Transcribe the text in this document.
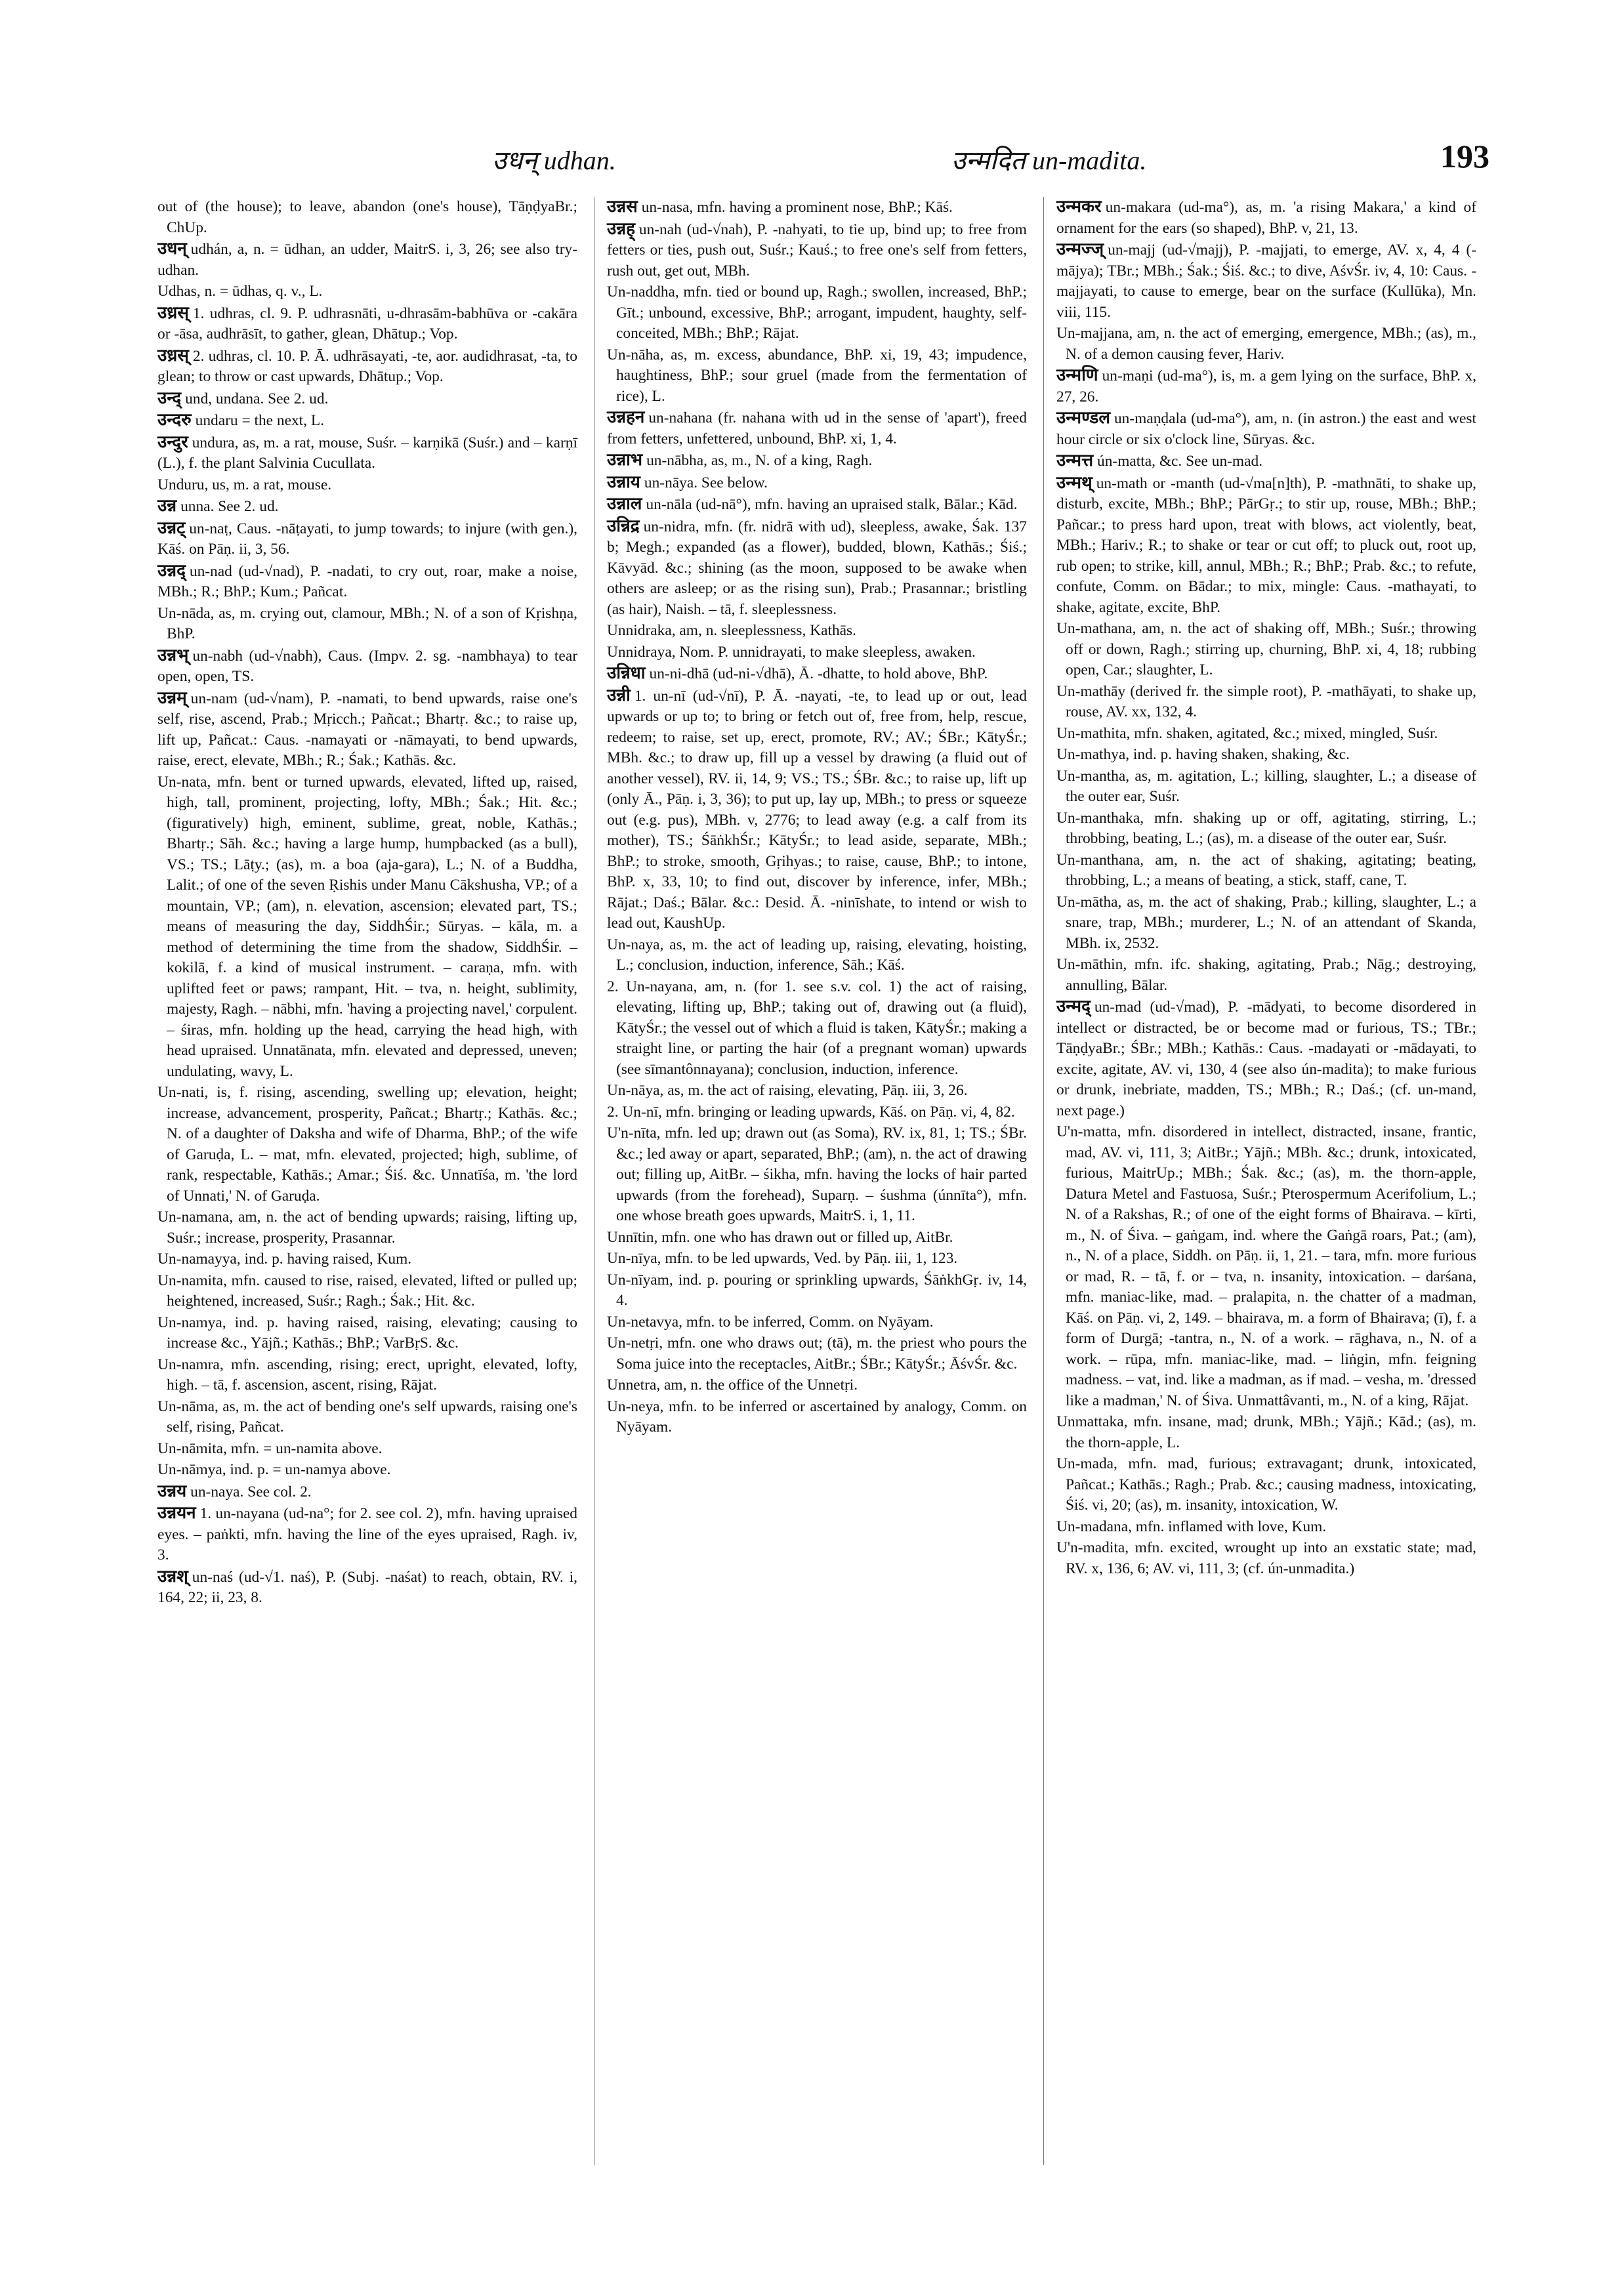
उधन् udhan.	उन्मदित un-madita.	193
out of (the house); to leave, abandon (one's house), TāṇḍyaBr.; ChUp.
उधन् udhán, a, n. = ūdhan, an udder, MaitrS. i, 3, 26; see also try-udhan.
Udhas, n. = ūdhas, q. v., L.
उध्रस् 1. udhras, cl. 9. P. udhrasnāti, u-dhrasām-babhūva or -cakāra or -āsa, audhrāsīt, to gather, glean, Dhātup.; Vop.
उध्रस् 2. udhras, cl. 10. P. Ā. udhrāsayati, -te, aor. audidhrasat, -ta, to glean; to throw or cast upwards, Dhātup.; Vop.
उन्द् und, undana. See 2. ud.
उन्दरु undaru = the next, L.
उन्दुर undura, as, m. a rat, mouse, Suśr. – karṇikā (Suśr.) and – karṇī (L.), f. the plant Salvinia Cucullata.
Unduru, us, m. a rat, mouse.
उन्न unna. See 2. ud.
उन्नट् un-naṭ, Caus. -nāṭayati, to jump towards; to injure (with gen.), Kāś. on Pāṇ. ii, 3, 56.
उन्नद् un-nad (ud-√nad), P. -nadati, to cry out, roar, make a noise, MBh.; R.; BhP.; Kum.; Pañcat.
Un-nāda, as, m. crying out, clamour, MBh.; N. of a son of Kṛishṇa, BhP.
उन्नभ् un-nabh (ud-√nabh), Caus. (Impv. 2. sg. -nambhaya) to tear open, open, TS.
उन्नम् un-nam (ud-√nam), P. -namati, to bend upwards, raise one's self, rise, ascend, Prab.; Mṛicch.; Pañcat.; Bhartṛ. &c.; to raise up, lift up, Pañcat.: Caus. -namayati or -nāmayati, to bend upwards, raise, erect, elevate, MBh.; R.; Śak.; Kathās. &c.
Un-nata, mfn. bent or turned upwards, elevated, lifted up, raised, high, tall, prominent, projecting, lofty, MBh.; Śak.; Hit. &c.; (figuratively) high, eminent, sublime, great, noble, Kathās.; Bhartṛ.; Sāh. &c.; having a large hump, humpbacked (as a bull), VS.; TS.; Lāṭy.; (as), m. a boa (aja-gara), L.; N. of a Buddha, Lalit.; of one of the seven Ṛishis under Manu Cākshusha, VP.; of a mountain, VP.; (am), n. elevation, ascension; elevated part, TS.; means of measuring the day, SiddhŚir.; Sūryas. – kāla, m. a method of determining the time from the shadow, SiddhŚir. – kokilā, f. a kind of musical instrument. – caraṇa, mfn. with uplifted feet or paws; rampant, Hit. – tva, n. height, sublimity, majesty, Ragh. – nābhi, mfn. 'having a projecting navel,' corpulent. – śiras, mfn. holding up the head, carrying the head high, with head upraised. Unnatānata, mfn. elevated and depressed, uneven; undulating, wavy, L.
Un-nati, is, f. rising, ascending, swelling up; elevation, height; increase, advancement, prosperity, Pañcat.; Bhartṛ.; Kathās. &c.; N. of a daughter of Daksha and wife of Dharma, BhP.; of the wife of Garuḍa, L. – mat, mfn. elevated, projected; high, sublime, of rank, respectable, Kathās.; Amar.; Śiś. &c. Unnatīśa, m. 'the lord of Unnati,' N. of Garuḍa.
Un-namana, am, n. the act of bending upwards; raising, lifting up, Suśr.; increase, prosperity, Prasannar.
Un-namayya, ind. p. having raised, Kum.
Un-namita, mfn. caused to rise, raised, elevated, lifted or pulled up; heightened, increased, Suśr.; Ragh.; Śak.; Hit. &c.
Un-namya, ind. p. having raised, raising, elevating; causing to increase &c., Yājñ.; Kathās.; BhP.; VarBṛS. &c.
Un-namra, mfn. ascending, rising; erect, upright, elevated, lofty, high. – tā, f. ascension, ascent, rising, Rājat.
Un-nāma, as, m. the act of bending one's self upwards, raising one's self, rising, Pañcat.
Un-nāmita, mfn. = un-namita above.
Un-nāmya, ind. p. = un-namya above.
उन्नय un-naya. See col. 2.
उन्नयन 1. un-nayana (ud-na°; for 2. see col. 2), mfn. having upraised eyes. – paṅkti, mfn. having the line of the eyes upraised, Ragh. iv, 3.
उन्नश् un-naś (ud-√1. naś), P. (Subj. -naśat) to reach, obtain, RV. i, 164, 22; ii, 23, 8.
उन्नस un-nasa, mfn. having a prominent nose, BhP.; Kāś.
उन्नह् un-nah (ud-√nah), P. -nahyati, to tie up, bind up; to free from fetters or ties, push out, Suśr.; Kauś.; to free one's self from fetters, rush out, get out, MBh.
Un-naddha, mfn. tied or bound up, Ragh.; swollen, increased, BhP.; Gīt.; unbound, excessive, BhP.; arrogant, impudent, haughty, self-conceited, MBh.; BhP.; Rājat.
Un-nāha, as, m. excess, abundance, BhP. xi, 19, 43; impudence, haughtiness, BhP.; sour gruel (made from the fermentation of rice), L.
उन्नहन un-nahana (fr. nahana with ud in the sense of 'apart'), freed from fetters, unfettered, unbound, BhP. xi, 1, 4.
उन्नाभ un-nābha, as, m., N. of a king, Ragh.
उन्नाय un-nāya. See below.
उन्नाल un-nāla (ud-nā°), mfn. having an upraised stalk, Bālar.; Kād.
उन्निद्र un-nidra, mfn. (fr. nidrā with ud), sleepless, awake, Śak. 137 b; Megh.; expanded (as a flower), budded, blown, Kathās.; Śiś.; Kāvyād. &c.; shining (as the moon, supposed to be awake when others are asleep; or as the rising sun), Prab.; Prasannar.; bristling (as hair), Naish. – tā, f. sleeplessness.
Unnidraka, am, n. sleeplessness, Kathās.
Unnidraya, Nom. P. unnidrayati, to make sleepless, awaken.
उन्निधा un-ni-dhā (ud-ni-√dhā), Ā. -dhatte, to hold above, BhP.
उन्नी 1. un-nī (ud-√nī), P. Ā. -nayati, -te, to lead up or out, lead upwards or up to; to bring or fetch out of, free from, help, rescue, redeem; to raise, set up, erect, promote, RV.; AV.; ŚBr.; KātyŚr.; MBh. &c.; to draw up, fill up a vessel by drawing (a fluid out of another vessel), RV. ii, 14, 9; VS.; TS.; ŚBr. &c.; to raise up, lift up (only Ā., Pāṇ. i, 3, 36); to put up, lay up, MBh.; to press or squeeze out (e.g. pus), MBh. v, 2776; to lead away (e.g. a calf from its mother), TS.; ŚāṅkhŚr.; KātyŚr.; to lead aside, separate, MBh.; BhP.; to stroke, smooth, Gṛihyas.; to raise, cause, BhP.; to intone, BhP. x, 33, 10; to find out, discover by inference, infer, MBh.; Rājat.; Daś.; Bālar. &c.: Desid. Ā. -ninīshate, to intend or wish to lead out, KaushUp.
Un-naya, as, m. the act of leading up, raising, elevating, hoisting, L.; conclusion, induction, inference, Sāh.; Kāś.
2. Un-nayana, am, n. (for 1. see s.v. col. 1) the act of raising, elevating, lifting up, BhP.; taking out of, drawing out (a fluid), KātyŚr.; the vessel out of which a fluid is taken, KātyŚr.; making a straight line, or parting the hair (of a pregnant woman) upwards (see sīmantônnayana); conclusion, induction, inference.
Un-nāya, as, m. the act of raising, elevating, Pāṇ. iii, 3, 26.
2. Un-nī, mfn. bringing or leading upwards, Kāś. on Pāṇ. vi, 4, 82.
U'n-nīta, mfn. led up; drawn out (as Soma), RV. ix, 81, 1; TS.; ŚBr. &c.; led away or apart, separated, BhP.; (am), n. the act of drawing out; filling up, AitBr. – śikha, mfn. having the locks of hair parted upwards (from the forehead), Suparṇ. – śushma (únnīta°), mfn. one whose breath goes upwards, MaitrS. i, 1, 11.
Unnītin, mfn. one who has drawn out or filled up, AitBr.
Un-nīya, mfn. to be led upwards, Ved. by Pāṇ. iii, 1, 123.
Un-nīyam, ind. p. pouring or sprinkling upwards, ŚāṅkhGṛ. iv, 14, 4.
Un-netavya, mfn. to be inferred, Comm. on Nyāyam.
Un-netṛi, mfn. one who draws out; (tā), m. the priest who pours the Soma juice into the receptacles, AitBr.; ŚBr.; KātyŚr.; ĀśvŚr. &c.
Unnetra, am, n. the office of the Unnetṛi.
Un-neya, mfn. to be inferred or ascertained by analogy, Comm. on Nyāyam.
उन्मकर un-makara (ud-ma°), as, m. 'a rising Makara,' a kind of ornament for the ears (so shaped), BhP. v, 21, 13.
उन्मज्ज् un-majj (ud-√majj), P. -majjati, to emerge, AV. x, 4, 4 (-mājya); TBr.; MBh.; Śak.; Śiś. &c.; to dive, AśvŚr. iv, 4, 10: Caus. -majjayati, to cause to emerge, bear on the surface (Kullūka), Mn. viii, 115.
Un-majjana, am, n. the act of emerging, emergence, MBh.; (as), m., N. of a demon causing fever, Hariv.
उन्मणि un-maṇi (ud-ma°), is, m. a gem lying on the surface, BhP. x, 27, 26.
उन्मण्डल un-maṇḍala (ud-ma°), am, n. (in astron.) the east and west hour circle or six o'clock line, Sūryas. &c.
उन्मत्त ún-matta, &c. See un-mad.
उन्मथ् un-math or -manth (ud-√ma[n]th), P. -mathnāti, to shake up, disturb, excite, MBh.; BhP.; PārGṛ.; to stir up, rouse, MBh.; BhP.; Pañcar.; to press hard upon, treat with blows, act violently, beat, MBh.; Hariv.; R.; to shake or tear or cut off; to pluck out, root up, rub open; to strike, kill, annul, MBh.; R.; BhP.; Prab. &c.; to refute, confute, Comm. on Bādar.; to mix, mingle: Caus. -mathayati, to shake, agitate, excite, BhP.
Un-mathana, am, n. the act of shaking off, MBh.; Suśr.; throwing off or down, Ragh.; stirring up, churning, BhP. xi, 4, 18; rubbing open, Car.; slaughter, L.
Un-mathāy (derived fr. the simple root), P. -mathāyati, to shake up, rouse, AV. xx, 132, 4.
Un-mathita, mfn. shaken, agitated, &c.; mixed, mingled, Suśr.
Un-mathya, ind. p. having shaken, shaking, &c.
Un-mantha, as, m. agitation, L.; killing, slaughter, L.; a disease of the outer ear, Suśr.
Un-manthaka, mfn. shaking up or off, agitating, stirring, L.; throbbing, beating, L.; (as), m. a disease of the outer ear, Suśr.
Un-manthana, am, n. the act of shaking, agitating; beating, throbbing, L.; a means of beating, a stick, staff, cane, T.
Un-mātha, as, m. the act of shaking, Prab.; killing, slaughter, L.; a snare, trap, MBh.; murderer, L.; N. of an attendant of Skanda, MBh. ix, 2532.
Un-māthin, mfn. ifc. shaking, agitating, Prab.; Nāg.; destroying, annulling, Bālar.
उन्मद् un-mad (ud-√mad), P. -mādyati, to become disordered in intellect or distracted, be or become mad or furious, TS.; TBr.; TāṇḍyaBr.; ŚBr.; MBh.; Kathās.: Caus. -madayati or -mādayati, to excite, agitate, AV. vi, 130, 4 (see also ún-madita); to make furious or drunk, inebriate, madden, TS.; MBh.; R.; Daś.; (cf. un-mand, next page.)
U'n-matta, mfn. disordered in intellect, distracted, insane, frantic, mad, AV. vi, 111, 3; AitBr.; Yājñ.; MBh. &c.; drunk, intoxicated, furious, MaitrUp.; MBh.; Śak. &c.; (as), m. the thorn-apple, Datura Metel and Fastuosa, Suśr.; Pterospermum Acerifolium, L.; N. of a Rakshas, R.; of one of the eight forms of Bhairava. – kīrti, m., N. of Śiva. – gaṅgam, ind. where the Gaṅgā roars, Pat.; (am), n., N. of a place, Siddh. on Pāṇ. ii, 1, 21. – tara, mfn. more furious or mad, R. – tā, f. or – tva, n. insanity, intoxication. – darśana, mfn. maniac-like, mad. – pralapita, n. the chatter of a madman, Kāś. on Pāṇ. vi, 2, 149. – bhairava, m. a form of Bhairava; (ī), f. a form of Durgā; -tantra, n., N. of a work. – rāghava, n., N. of a work. – rūpa, mfn. maniac-like, mad. – liṅgin, mfn. feigning madness. – vat, ind. like a madman, as if mad. – vesha, m. 'dressed like a madman,' N. of Śiva. Unmattâvanti, m., N. of a king, Rājat.
Unmattaka, mfn. insane, mad; drunk, MBh.; Yājñ.; Kād.; (as), m. the thorn-apple, L.
Un-mada, mfn. mad, furious; extravagant; drunk, intoxicated, Pañcat.; Kathās.; Ragh.; Prab. &c.; causing madness, intoxicating, Śiś. vi, 20; (as), m. insanity, intoxication, W.
Un-madana, mfn. inflamed with love, Kum.
U'n-madita, mfn. excited, wrought up into an exstatic state; mad, RV. x, 136, 6; AV. vi, 111, 3; (cf. ún-unmadita.)
